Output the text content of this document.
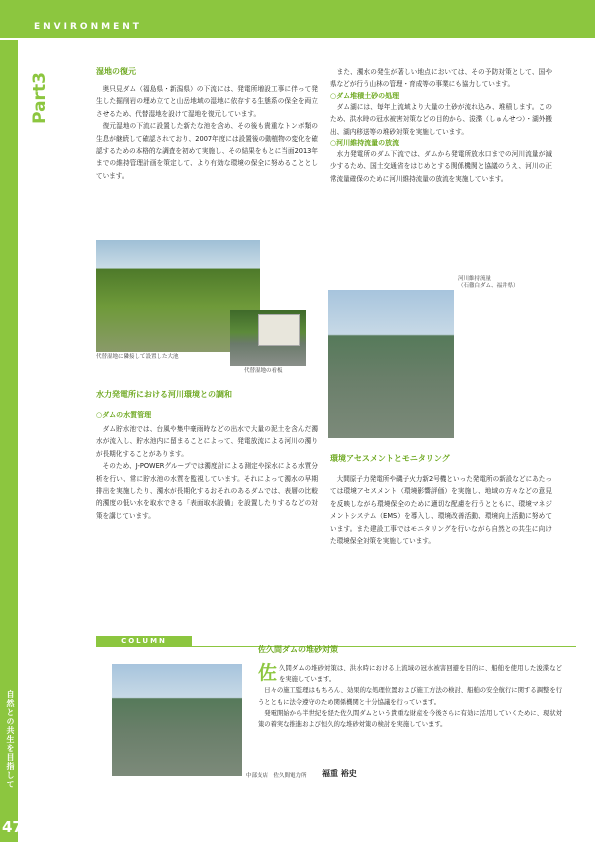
ENVIRONMENT
Part3
自然との共生を目指して
47
湿地の復元

奥只見ダム（福島県・新潟県）の下流には、発電所増設工事に伴って発生した掘削岩の埋め立てと山岳地域の湿地に依存する生態系の保全を両立させるため、代替湿地を設けて湿地を復元しています。

復元湿地の下流に設置した新たな池を含め、その後も貴重なトンボ類の生息が継続して確認されており、2007年度には設置後の動植物の変化を確認するための本格的な調査を初めて実施し、その結果をもとに当面2013年までの維持管理計画を策定して、より有効な環境の保全に努めることとしています。

代替湿地に隣接して設置した大池
代替湿地の看板
水力発電所における河川環境との調和
○ダムの水質管理

ダム貯水池では、台風や集中豪雨時などの出水で大量の泥土を含んだ濁水が流入し、貯水池内に留まることによって、発電放流による河川の濁りが長期化することがあります。

そのため、J-POWERグループでは濁度計による測定や採水による水質分析を行い、常に貯水池の水質を監視しています。それによって濁水の早期排出を実施したり、濁水が長期化するおそれのあるダムでは、表層の比較的濁度の低い水を取水できる「表面取水設備」を設置したりするなどの対策を講じています。

また、濁水の発生が著しい地点においては、その予防対策として、国や県などが行う山林の管理・育成等の事業にも協力しています。

○ダム堆積土砂の処理

ダム湖には、毎年上流域より大量の土砂が流れ込み、堆積します。このため、洪水時の冠水被害対策などの目的から、浚渫（しゅんせつ）・湖外搬出、湖内移送等の堆砂対策を実施しています。

○河川維持流量の放流

水力発電所のダム下流では、ダムから発電所放水口までの河川流量が減少するため、国土交通省をはじめとする関係機関と協議のうえ、河川の正常流量確保のために河川維持流量の放流を実施しています。

河川維持流量
（石徹白ダム、福井県）
環境アセスメントとモニタリング

大間原子力発電所や磯子火力新2号機といった発電所の新設などにあたっては環境アセスメント（環境影響評価）を実施し、地域の方々などの意見を反映しながら環境保全のために適切な配慮を行うとともに、環境マネジメントシステム（EMS）を導入し、環境改善活動、環境向上活動に努めています。また建設工事ではモニタリングを行いながら自然との共生に向けた環境保全対策を実施しています。

COLUMN
佐久間ダムの堆砂対策
佐 久間ダムの堆砂対策は、洪水時における上流域の冠水被害回避を目的に、船舶を使用した浚渫などを実施しています。

日々の施工監理はもちろん、効果的な処理位置および施工方法の検討、船舶の安全航行に関する調整を行うとともに法令遵守のため関係機関と十分協議を行っています。

発電開始から半世紀を経た佐久間ダムという貴重な財産を今後さらに有効に活用していくために、現状対策の着実な推進および恒久的な堆砂対策の検討を実施しています。

中部支店　佐久間電力所 福重 裕史
